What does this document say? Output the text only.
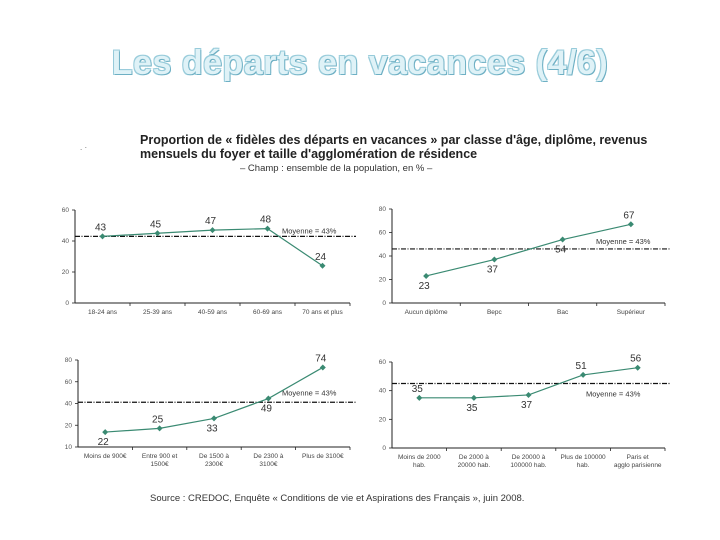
Les départs en vacances (4/6)
. ·
Proportion de « fidèles des départs en vacances » par classe d'âge, diplôme, revenus mensuels du foyer et taille d'agglomération de résidence
– Champ : ensemble de la population, en % –
0
20
40
60
18-24 ans	25-39 ans	40-59 ans	60-69 ans	70 ans et plus
Moyenne = 43%
43	45	47	48
24
0
20
40
60
80
Aucun diplôme	Bepc	Bac	Supérieur
Moyenne = 43%
23
37
54
67
10
20
40
60
80
Moins de 900€ Entre 900 et 1500€
De 1500 à 2300€
De 2300 à 3100€
Plus de 3100€
Moyenne = 43%
22
25
33
49
74
0
20
40
60
Moins de 2000 hab.
De 2000 à 20000 hab.
De 20000 à 100000 hab.
Plus de 100000 hab.
Paris et agglo parisienne
Moyenne = 43%
35
35	37
51
56
Source : CREDOC, Enquête « Conditions de vie et Aspirations des Français », juin 2008.
